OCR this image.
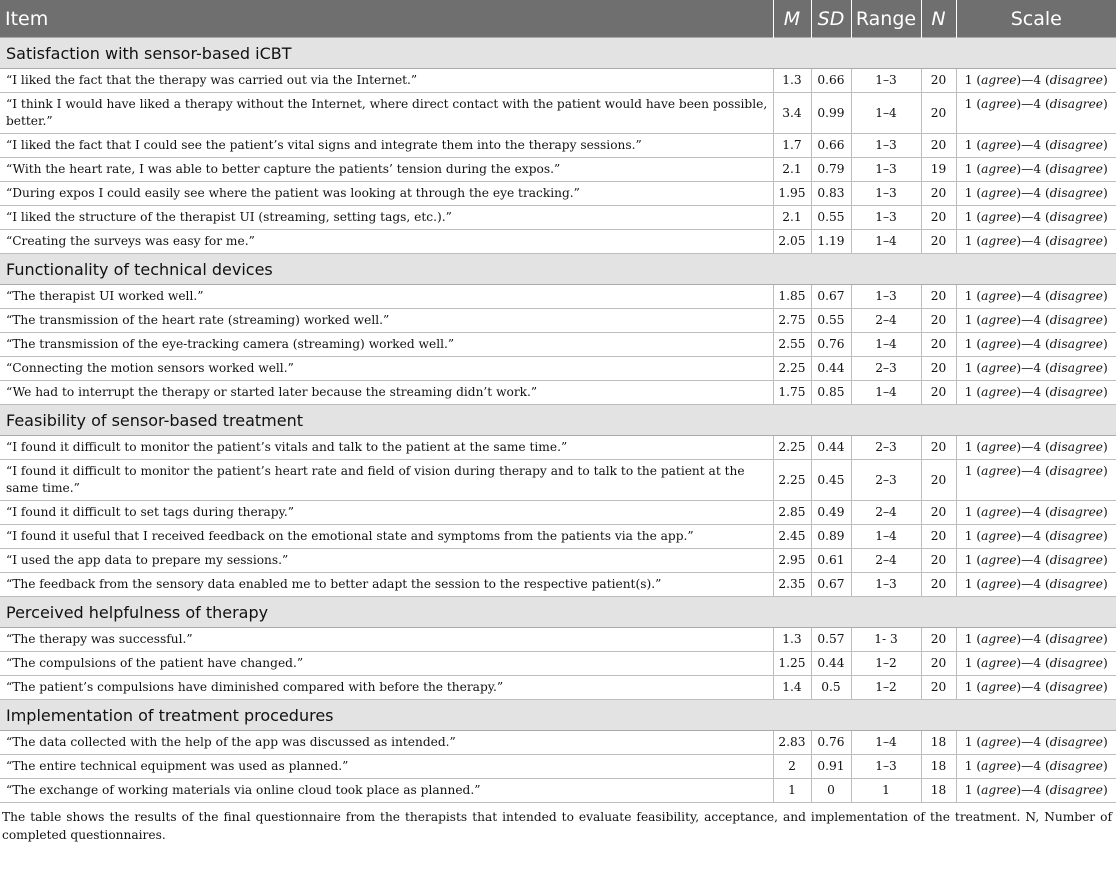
Item	M	SD	Range	N	Scale
Satisfaction with sensor-based iCBT					
“I liked the fact that the therapy was carried out via the Internet.”	1.3	0.66	1–3	20	1 (agree)—4 (disagree)
“I think I would have liked a therapy without the Internet, where direct contact with the patient would have been possible, better.”	3.4	0.99	1–4	20	1 (agree)—4 (disagree)
“I liked the fact that I could see the patient’s vital signs and integrate them into the therapy sessions.”	1.7	0.66	1–3	20	1 (agree)—4 (disagree)
“With the heart rate, I was able to better capture the patients’ tension during the expos.”	2.1	0.79	1–3	19	1 (agree)—4 (disagree)
“During expos I could easily see where the patient was looking at through the eye tracking.”	1.95	0.83	1–3	20	1 (agree)—4 (disagree)
“I liked the structure of the therapist UI (streaming, setting tags, etc.).”	2.1	0.55	1–3	20	1 (agree)—4 (disagree)
“Creating the surveys was easy for me.”	2.05	1.19	1–4	20	1 (agree)—4 (disagree)
Functionality of technical devices					
“The therapist UI worked well.”	1.85	0.67	1–3	20	1 (agree)—4 (disagree)
“The transmission of the heart rate (streaming) worked well.”	2.75	0.55	2–4	20	1 (agree)—4 (disagree)
“The transmission of the eye-tracking camera (streaming) worked well.”	2.55	0.76	1–4	20	1 (agree)—4 (disagree)
“Connecting the motion sensors worked well.”	2.25	0.44	2–3	20	1 (agree)—4 (disagree)
“We had to interrupt the therapy or started later because the streaming didn’t work.”	1.75	0.85	1–4	20	1 (agree)—4 (disagree)
Feasibility of sensor-based treatment					
“I found it difficult to monitor the patient’s vitals and talk to the patient at the same time.”	2.25	0.44	2–3	20	1 (agree)—4 (disagree)
“I found it difficult to monitor the patient’s heart rate and field of vision during therapy and to talk to the patient at the same time.”	2.25	0.45	2–3	20	1 (agree)—4 (disagree)
“I found it difficult to set tags during therapy.”	2.85	0.49	2–4	20	1 (agree)—4 (disagree)
“I found it useful that I received feedback on the emotional state and symptoms from the patients via the app.”	2.45	0.89	1–4	20	1 (agree)—4 (disagree)
“I used the app data to prepare my sessions.”	2.95	0.61	2–4	20	1 (agree)—4 (disagree)
“The feedback from the sensory data enabled me to better adapt the session to the respective patient(s).”	2.35	0.67	1–3	20	1 (agree)—4 (disagree)
Perceived helpfulness of therapy					
“The therapy was successful.”	1.3	0.57	1- 3	20	1 (agree)—4 (disagree)
“The compulsions of the patient have changed.”	1.25	0.44	1–2	20	1 (agree)—4 (disagree)
“The patient’s compulsions have diminished compared with before the therapy.”	1.4	0.5	1–2	20	1 (agree)—4 (disagree)
Implementation of treatment procedures					
“The data collected with the help of the app was discussed as intended.”	2.83	0.76	1–4	18	1 (agree)—4 (disagree)
“The entire technical equipment was used as planned.”	2	0.91	1–3	18	1 (agree)—4 (disagree)
“The exchange of working materials via online cloud took place as planned.”	1	0	1	18	1 (agree)—4 (disagree)
The table shows the results of the final questionnaire from the therapists that intended to evaluate feasibility, acceptance, and implementation of the treatment. N, Number of completed questionnaires.
